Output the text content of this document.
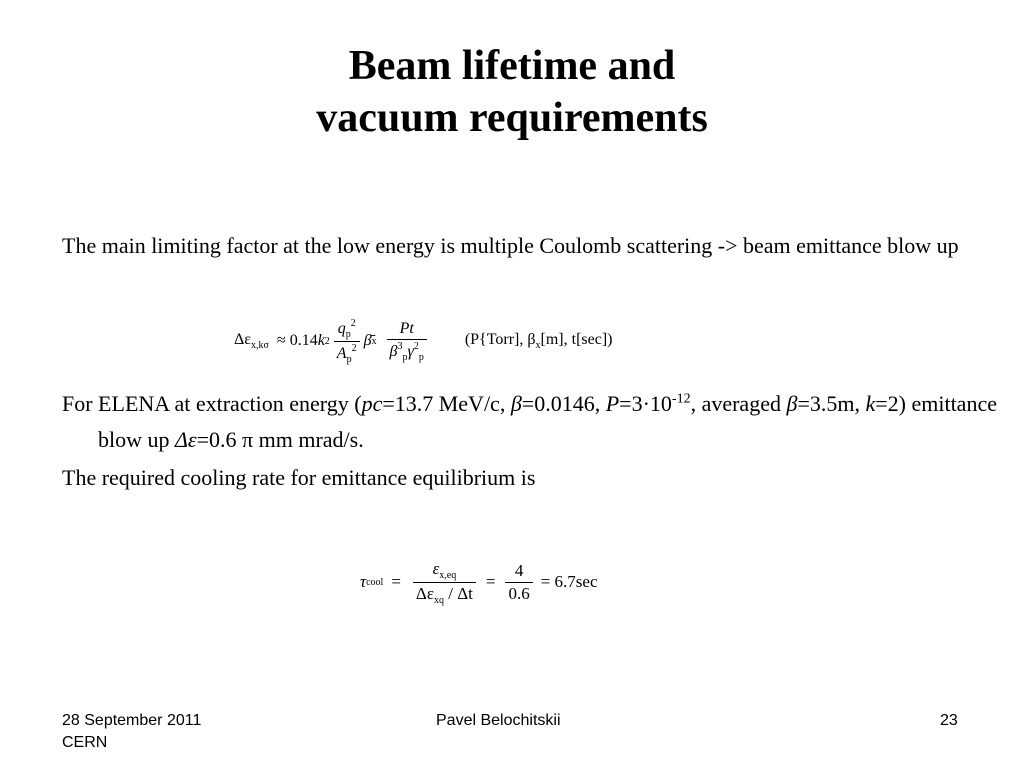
Beam lifetime and
vacuum requirements
The main limiting factor at the low energy is multiple Coulomb scattering -> beam emittance blow up
$\Delta\varepsilon_{x,k\sigma} \approx 0.14$ k $2 \frac{q_p^2}{A_p^2}$ β̄ x $\frac{Pt}{\beta^3_p\gamma^2_p}$ (P{Torr], $\beta_x[m]$, t[sec])
For ELENA at extraction energy (pc=13.7 MeV/c, β=0.0146, $P=3\cdot 10^{-12}$, averaged β=3.5m, k=2) emittance blow up Δε=0.6 π mm mrad/s.
The required cooling rate for emittance equilibrium is
τ cool = $\frac{\varepsilon_{x,eq}}{\Delta\varepsilon_{xq} / \Delta t} = \frac{4}{0.6} = 6.7\sec$
28 September 2011
CERN
Pavel Belochitskii	23
